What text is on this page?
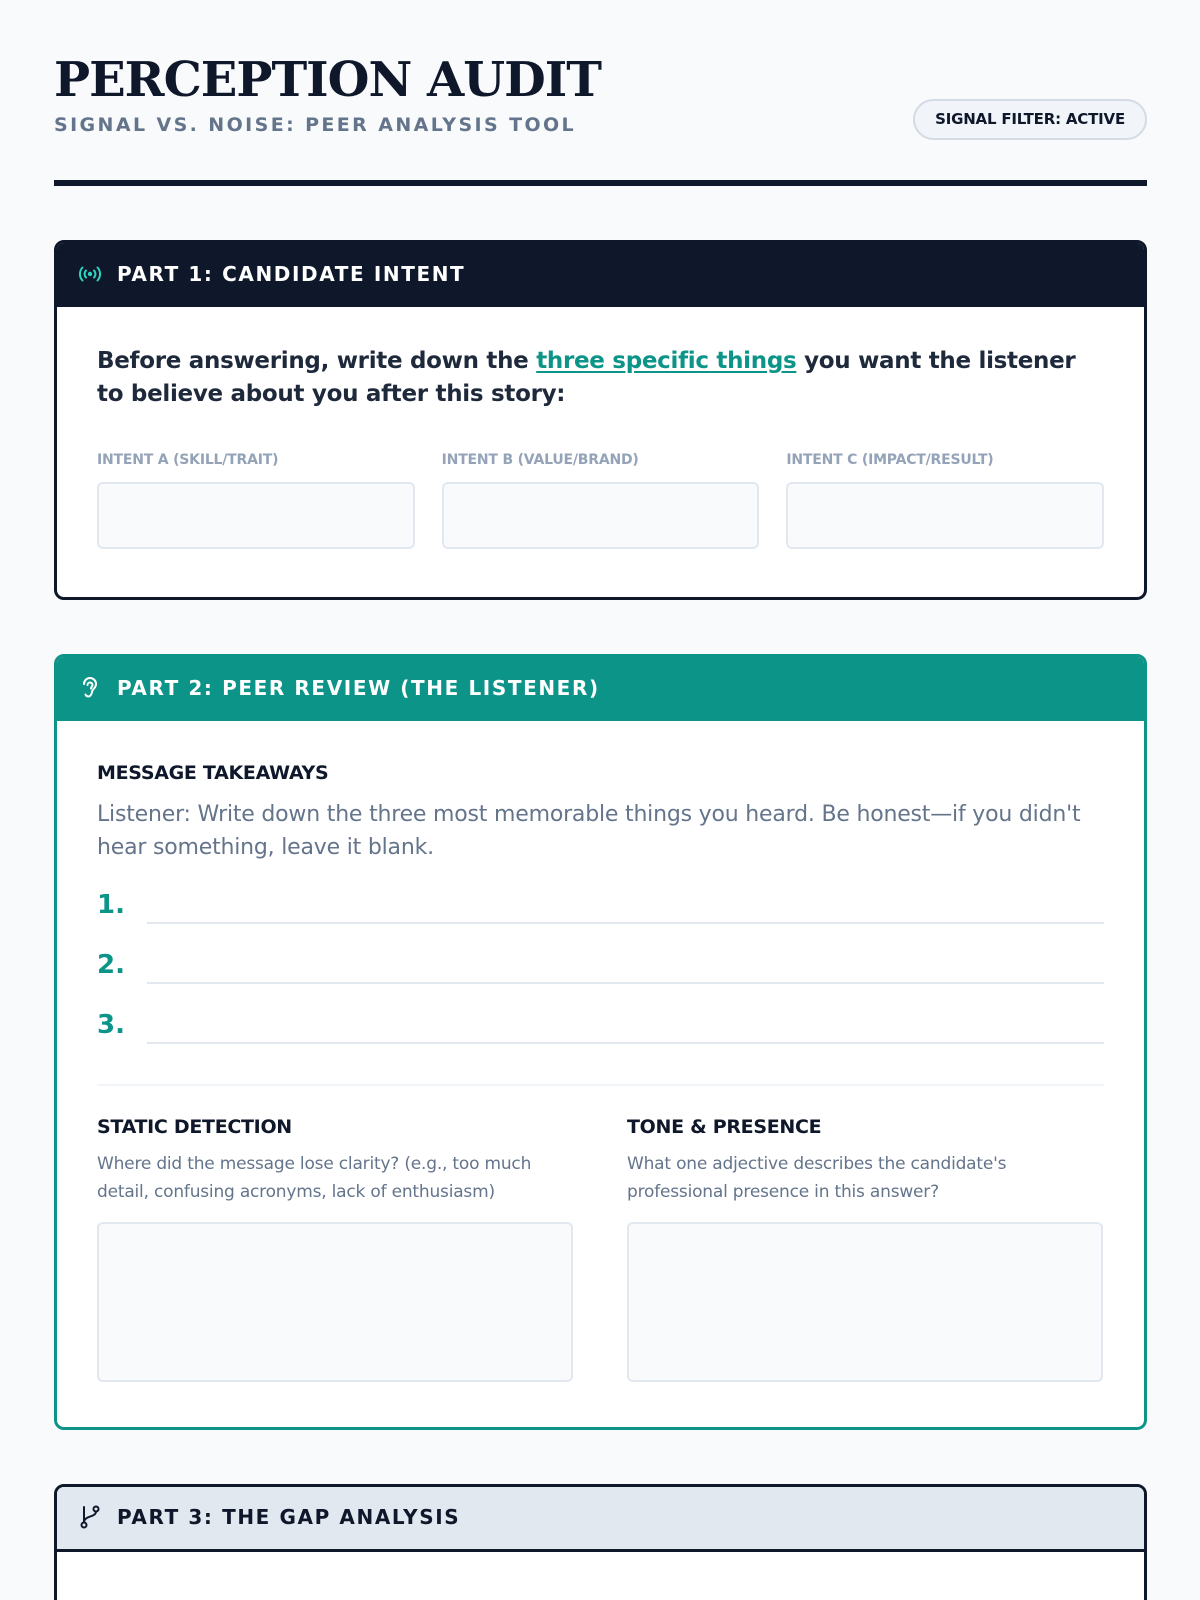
PERCEPTION AUDIT
SIGNAL VS. NOISE: PEER ANALYSIS TOOL	SIGNAL FILTER: ACTIVE
PART 1: CANDIDATE INTENT
Before answering, write down the three specific things you want the listener to believe about you after this story:
INTENT A (SKILL/TRAIT)	INTENT B (VALUE/BRAND)	INTENT C (IMPACT/RESULT)
PART 2: PEER REVIEW (THE LISTENER)
MESSAGE TAKEAWAYS
Listener: Write down the three most memorable things you heard. Be honest—if you didn't hear something, leave it blank.
1.
2.
3.
STATIC DETECTION
Where did the message lose clarity? (e.g., too much detail, confusing acronyms, lack of enthusiasm)
TONE & PRESENCE
What one adjective describes the candidate's professional presence in this answer?
PART 3: THE GAP ANALYSIS
